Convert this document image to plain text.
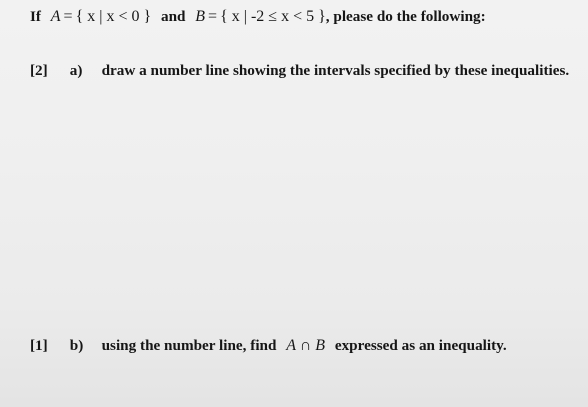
If A = { x | x < 0 } and B = { x | -2 ≤ x < 5 }, please do the following:
[2] a) draw a number line showing the intervals specified by these inequalities.
[1] b) using the number line, find A ∩ B expressed as an inequality.
